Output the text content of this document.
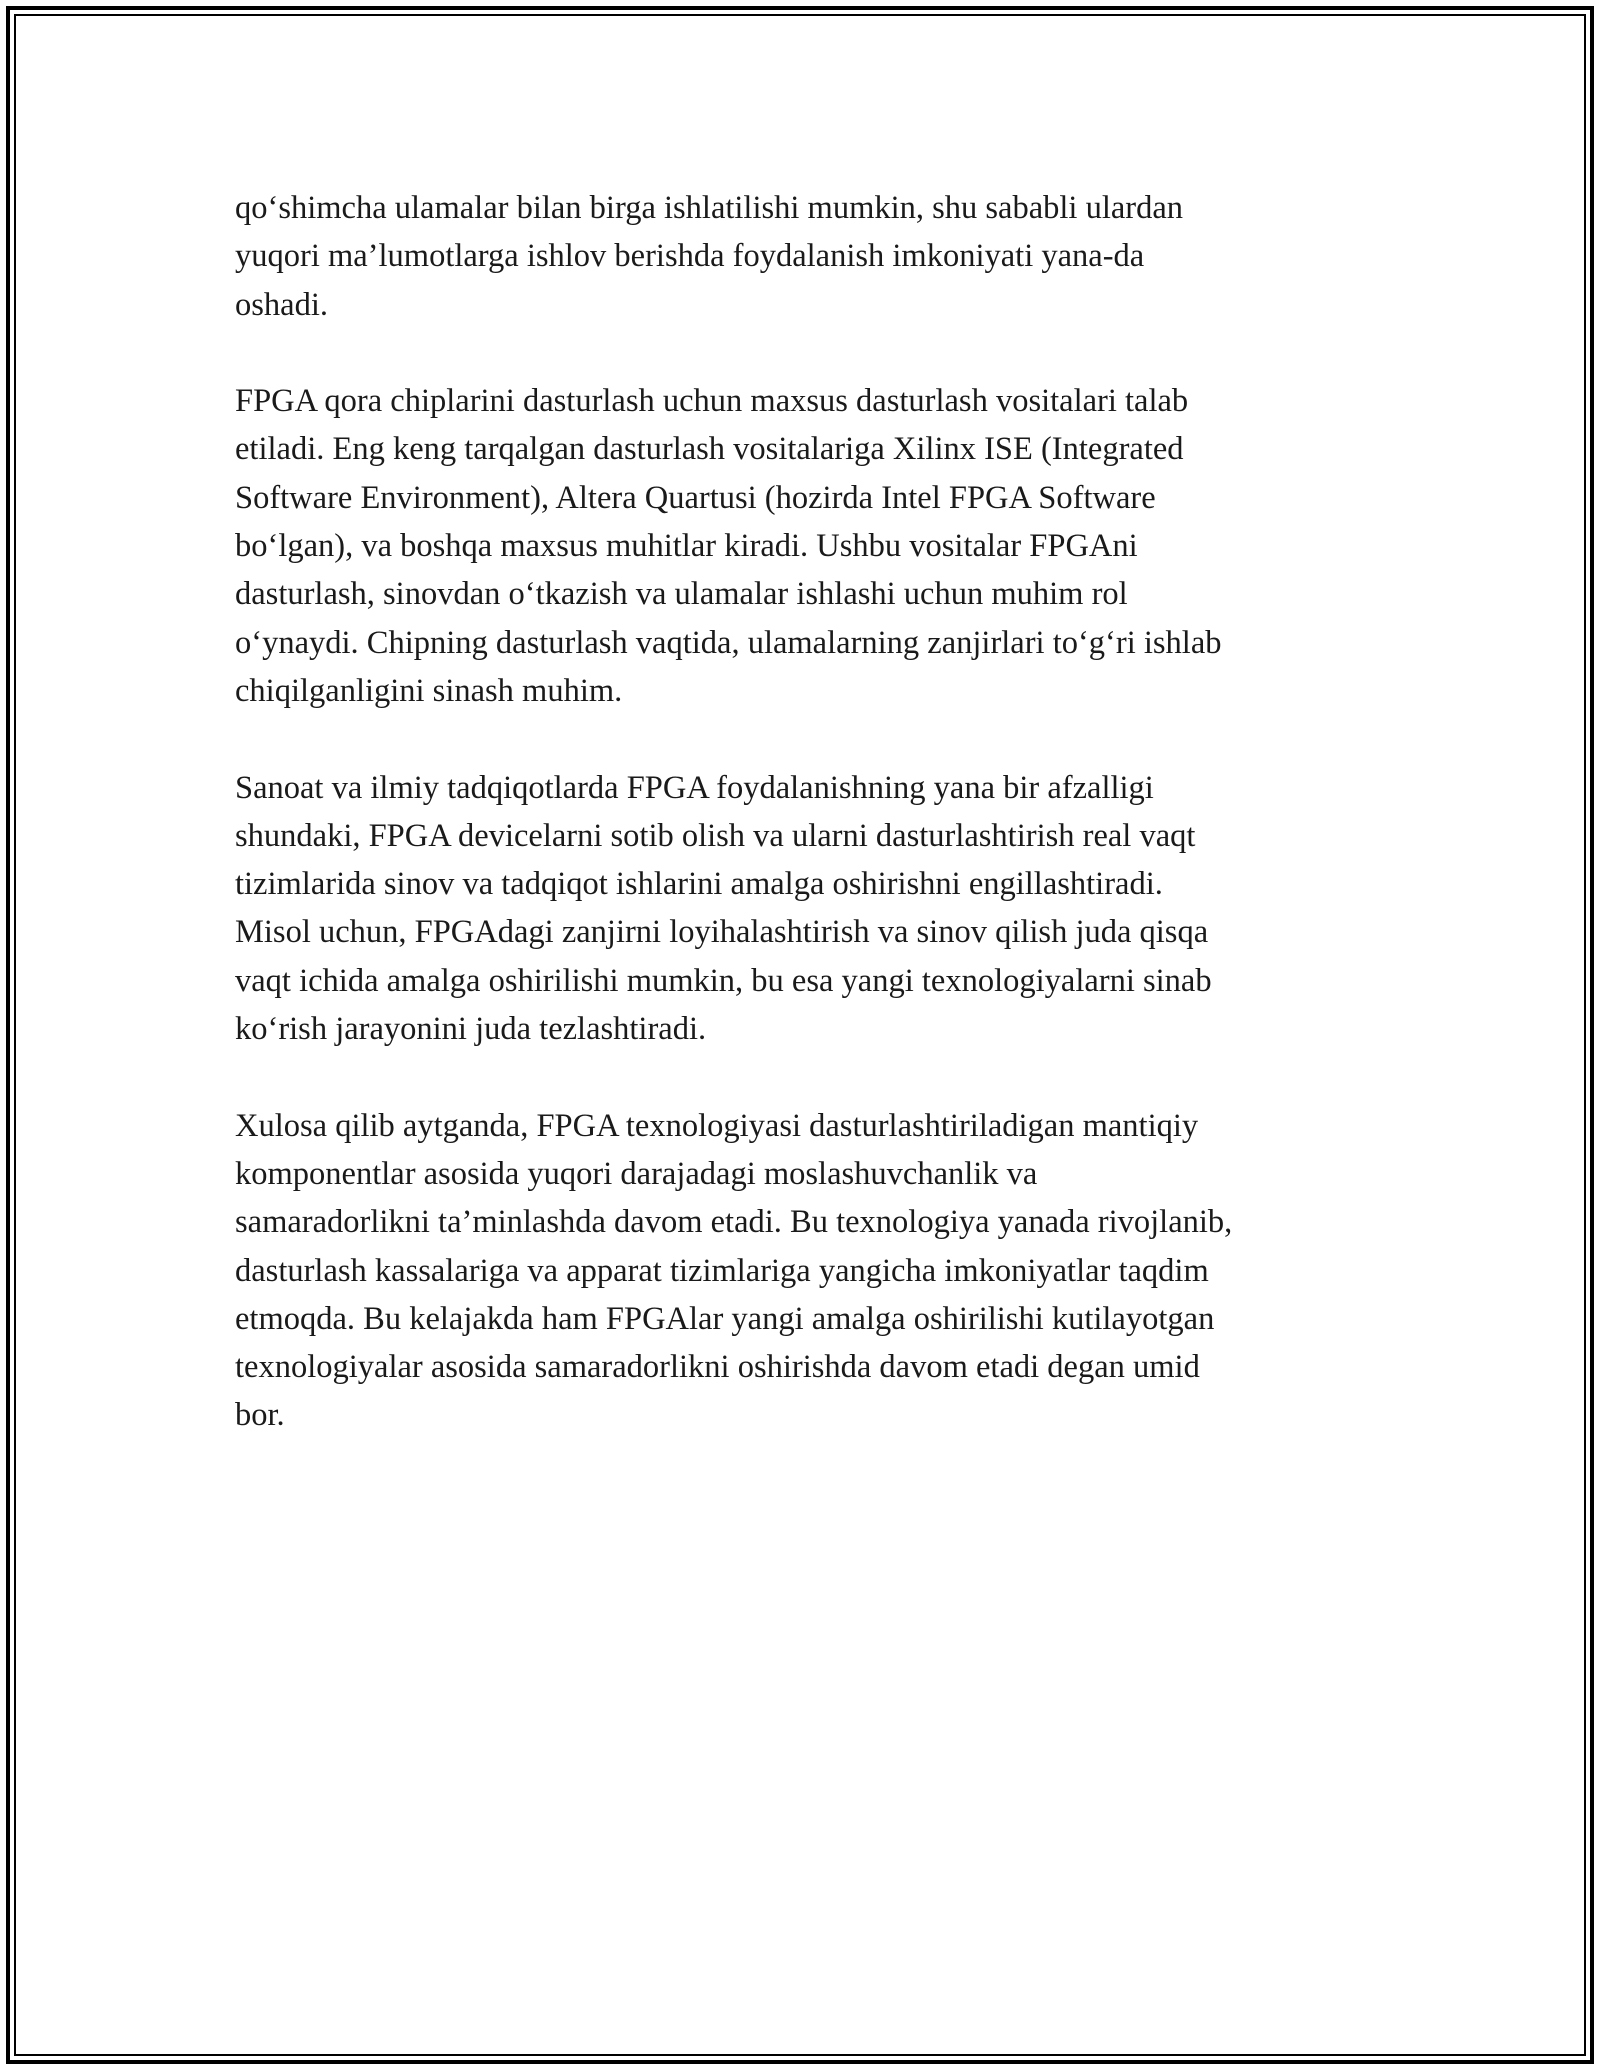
qo‘shimcha ulamalar bilan birga ishlatilishi mumkin, shu sababli ulardan
yuqori ma’lumotlarga ishlov berishda foydalanish imkoniyati yana-da
oshadi.

FPGA qora chiplarini dasturlash uchun maxsus dasturlash vositalari talab
etiladi. Eng keng tarqalgan dasturlash vositalariga Xilinx ISE (Integrated
Software Environment), Altera Quartusi (hozirda Intel FPGA Software
bo‘lgan), va boshqa maxsus muhitlar kiradi. Ushbu vositalar FPGAni
dasturlash, sinovdan o‘tkazish va ulamalar ishlashi uchun muhim rol
o‘ynaydi. Chipning dasturlash vaqtida, ulamalarning zanjirlari to‘g‘ri ishlab
chiqilganligini sinash muhim.

Sanoat va ilmiy tadqiqotlarda FPGA foydalanishning yana bir afzalligi
shundaki, FPGA devicelarni sotib olish va ularni dasturlashtirish real vaqt
tizimlarida sinov va tadqiqot ishlarini amalga oshirishni engillashtiradi.
Misol uchun, FPGAdagi zanjirni loyihalashtirish va sinov qilish juda qisqa
vaqt ichida amalga oshirilishi mumkin, bu esa yangi texnologiyalarni sinab
ko‘rish jarayonini juda tezlashtiradi.

Xulosa qilib aytganda, FPGA texnologiyasi dasturlashtiriladigan mantiqiy
komponentlar asosida yuqori darajadagi moslashuvchanlik va
samaradorlikni ta’minlashda davom etadi. Bu texnologiya yanada rivojlanib,
dasturlash kassalariga va apparat tizimlariga yangicha imkoniyatlar taqdim
etmoqda. Bu kelajakda ham FPGAlar yangi amalga oshirilishi kutilayotgan
texnologiyalar asosida samaradorlikni oshirishda davom etadi degan umid
bor.
